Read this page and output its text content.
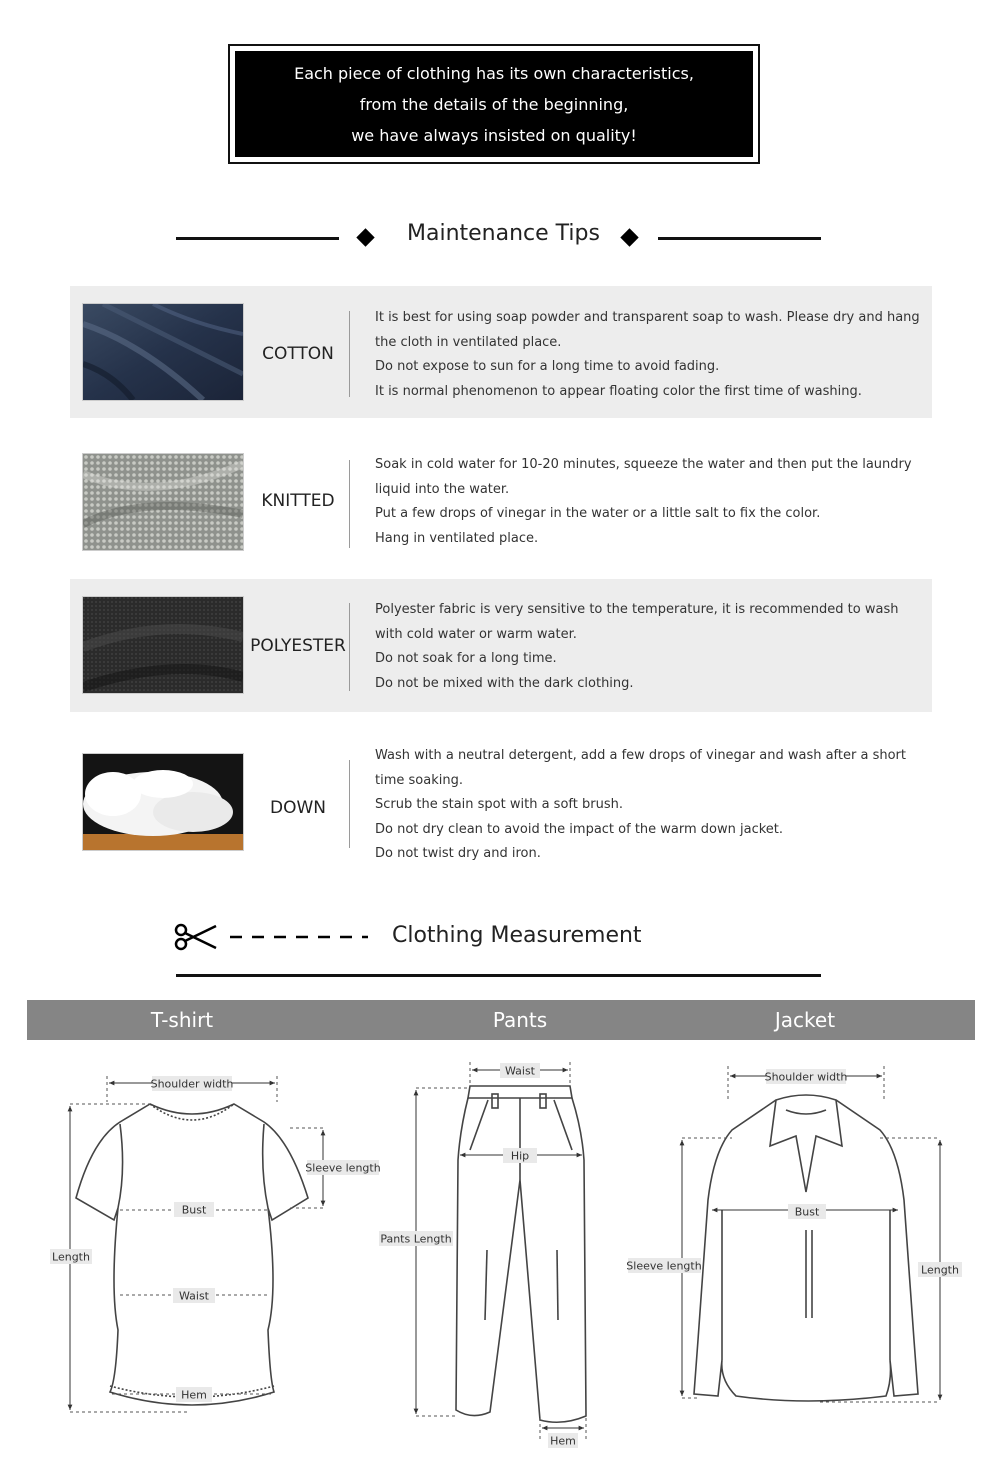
Each piece of clothing has its own characteristics,
from the details of the beginning,
we have always insisted on quality!
Maintenance Tips
COTTON
It is best for using soap powder and transparent soap to wash. Please dry and hang the cloth in ventilated place.
Do not expose to sun for a long time to avoid fading.
It is normal phenomenon to appear floating color the first time of washing.
KNITTED
Soak in cold water for 10-20 minutes, squeeze the water and then put the laundry liquid into the water.
Put a few drops of vinegar in the water or a little salt to fix the color.
Hang in ventilated place.
POLYESTER
Polyester fabric is very sensitive to the temperature, it is recommended to wash with cold water or warm water.
Do not soak for a long time.
Do not be mixed with the dark clothing.
DOWN
Wash with a neutral detergent, add a few drops of vinegar and wash after a short time soaking.
Scrub the stain spot with a soft brush.
Do not dry clean to avoid the impact of the warm down jacket.
Do not twist dry and iron.
Clothing Measurement
T-shirt	Pants	Jacket
Shoulder width
Sleeve length
Bust
Length
Waist
Hem
Waist
Hip
Pants Length
Hem
Shoulder width
Bust
Sleeve length	Length
